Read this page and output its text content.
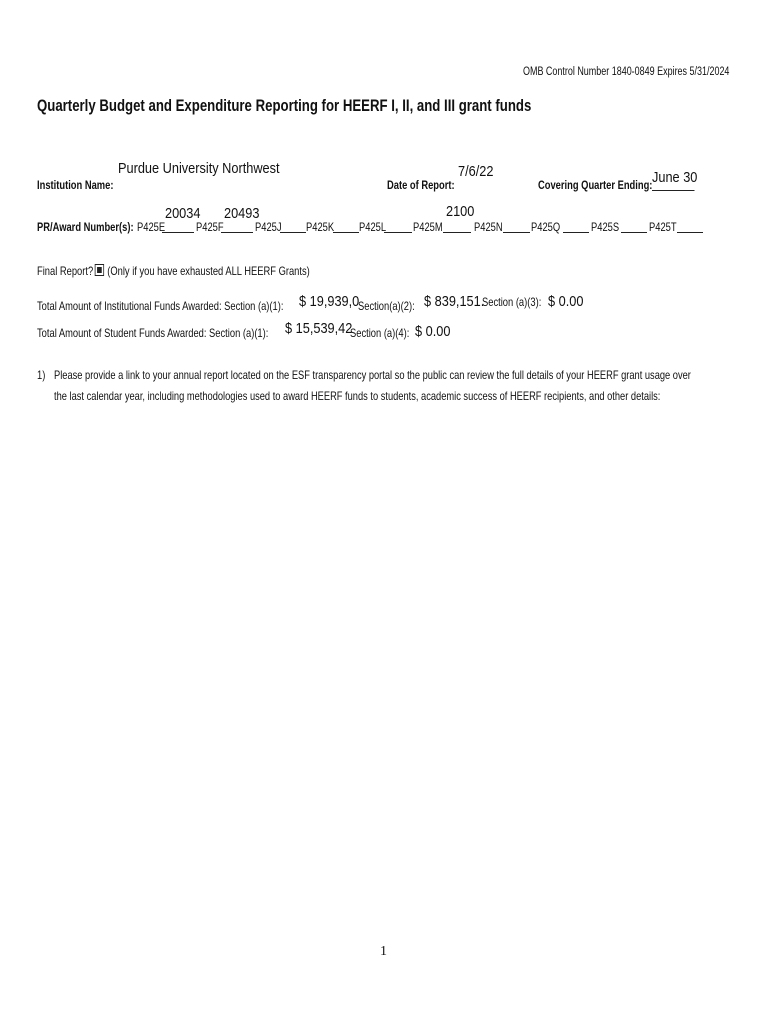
OMB Control Number 1840-0849 Expires 5/31/2024
Quarterly Budget and Expenditure Reporting for HEERF I, II, and III grant funds
Institution Name:
Purdue University Northwest
Date of Report:
7/6/22
Covering Quarter Ending: June 30
PR/Award Number(s): P425E
20034
P425F
20493
P425J P425K P425L P425M
2100
P425N P425Q	P425S P425T
Final Report? (Only if you have exhausted ALL HEERF Grants)
Total Amount of Institutional Funds Awarded: Section (a)(1): $ 19,939,0
Section(a)(2): $ 839,151.
Section (a)(3): $ 0.00
Total Amount of Student Funds Awarded: Section (a)(1): $ 15,539,42
Section (a)(4): $ 0.00
1) Please provide a link to your annual report located on the ESF transparency portal so the public can review the full details of your HEERF grant usage over
the last calendar year, including methodologies used to award HEERF funds to students, academic success of HEERF recipients, and other details:
1
